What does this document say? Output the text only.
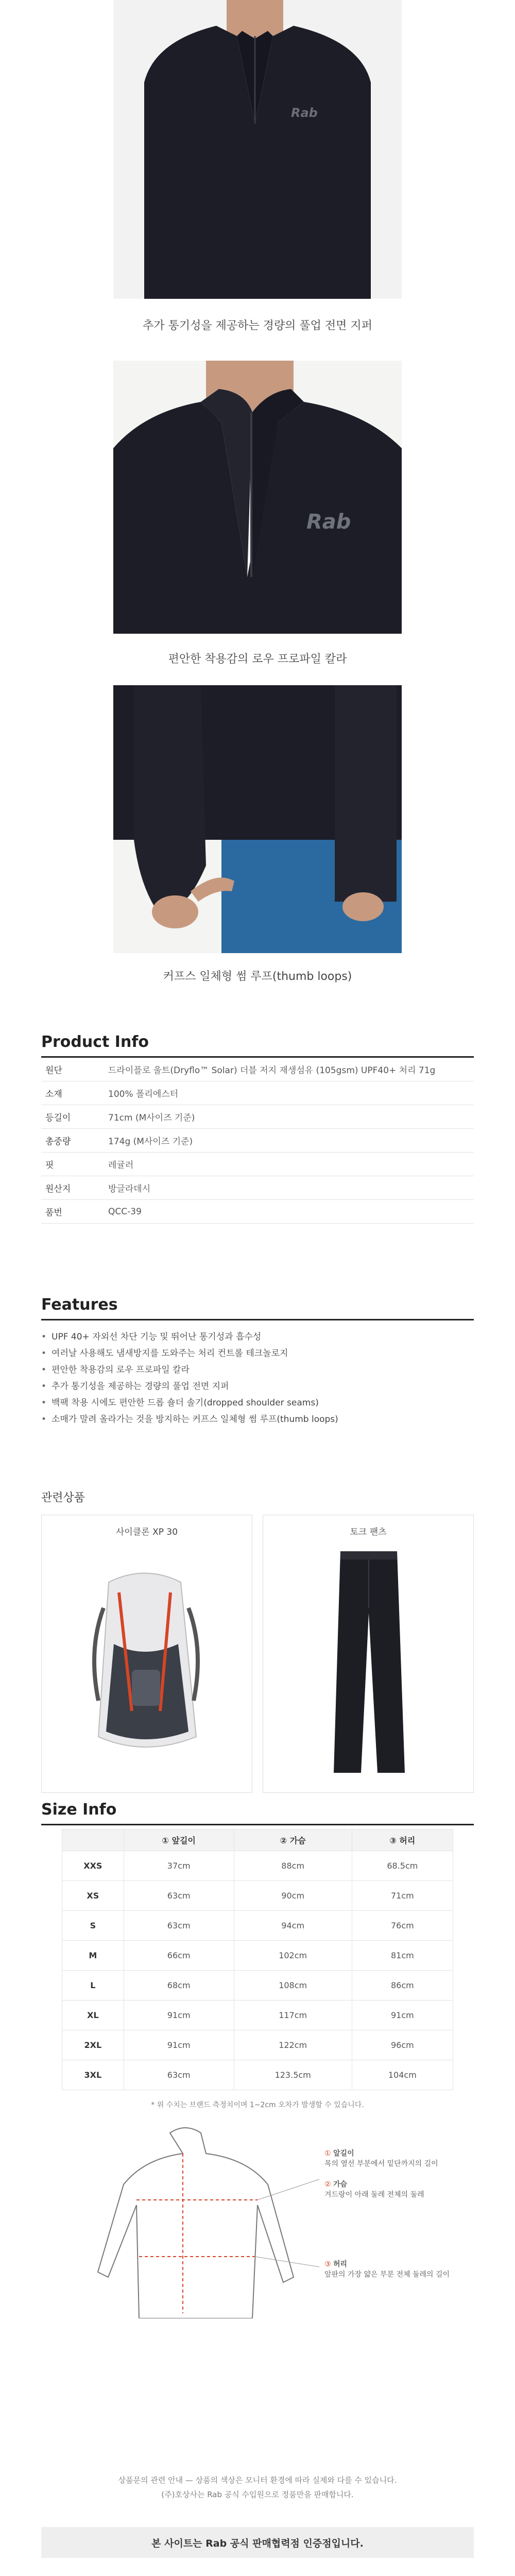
Rab
추가 통기성을 제공하는 경량의 풀업 전면 지퍼
Rab
편안한 착용감의 로우 프로파일 칼라
커프스 일체형 썸 루프(thumb loops)
Product Info
원단	드라이플로 울트(Dryflo™ Solar) 더블 저지 재생섬유 (105gsm) UPF40+ 처리 71g
소재	100% 폴리에스터
등길이	71cm (M사이즈 기준)
총중량	174g (M사이즈 기준)
핏	레귤러
원산지	방글라데시
품번	QCC-39
Features
• UPF 40+ 자외선 차단 기능 및 뛰어난 통기성과 흡수성
• 여러날 사용해도 냄새방지를 도와주는 처리 컨트롤 테크놀로지
• 편안한 착용감의 로우 프로파일 칼라
• 추가 통기성을 제공하는 경량의 풀업 전면 지퍼
• 백팩 착용 시에도 편안한 드롭 숄더 솔기(dropped shoulder seams)
• 소매가 말려 올라가는 것을 방지하는 커프스 일체형 썸 루프(thumb loops)
관련상품
사이클론 XP 30	토크 팬츠
Size Info
	① 앞길이	② 가슴	③ 허리
XXS	37cm	88cm	68.5cm
XS	63cm	90cm	71cm
S	63cm	94cm	76cm
M	66cm	102cm	81cm
L	68cm	108cm	86cm
XL	91cm	117cm	91cm
2XL	91cm	122cm	96cm
3XL	63cm	123.5cm	104cm
* 위 수치는 브랜드 측정치이며 1~2cm 오차가 발생할 수 있습니다.
① 앞길이
목의 옆선 부분에서 밑단까지의 길이
② 가슴
겨드랑이 아래 둘레 전체의 둘레
③ 허리
앞판의 가장 얇은 부분 전체 둘레의 길이
상품문의 관련 안내 — 상품의 색상은 모니터 환경에 따라 실제와 다를 수 있습니다.
(주)호상사는 Rab 공식 수입원으로 정품만을 판매합니다.
본 사이트는 Rab 공식 판매협력점 인증점입니다.
